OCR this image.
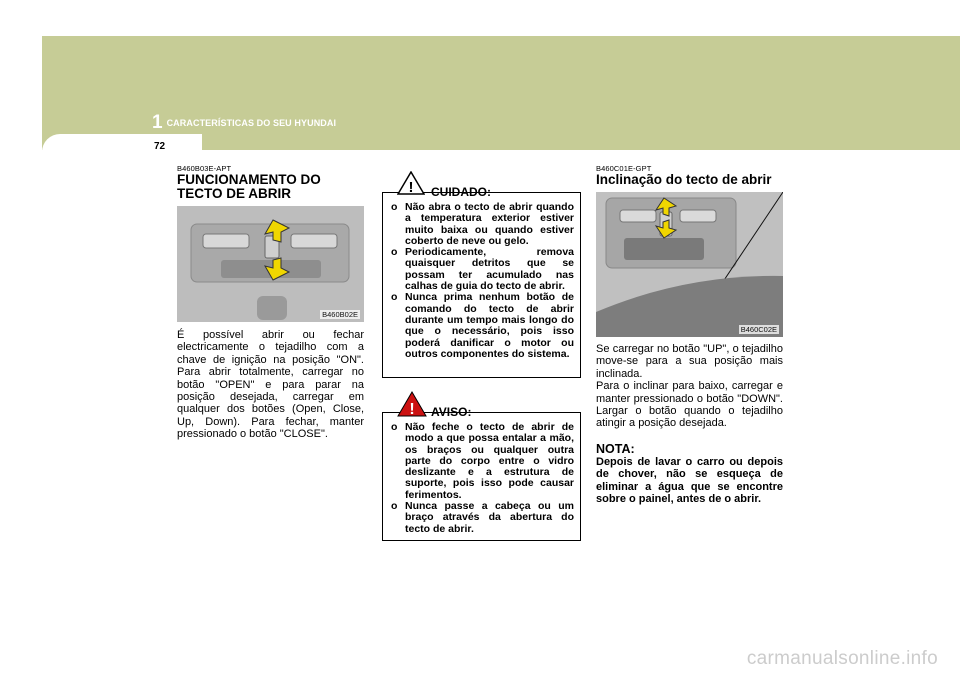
1 CARACTERÍSTICAS DO SEU HYUNDAI
72
B460B03E-APT
FUNCIONAMENTO DO TECTO DE ABRIR
B460B02E
É possível abrir ou fechar electricamente o tejadilho com a chave de ignição na posição "ON". Para abrir totalmente, carregar no botão "OPEN" e para parar na posição desejada, carregar em qualquer dos botões (Open, Close, Up, Down). Para fechar, manter pressionado o botão "CLOSE".
!	CUIDADO:
o Não abra o tecto de abrir quando a temperatura exterior estiver muito baixa ou quando estiver coberto de neve ou gelo.
o Periodicamente, remova quaisquer detritos que se possam ter acumulado nas calhas de guia do tecto de abrir.
o Nunca prima nenhum botão de comando do tecto de abrir durante um tempo mais longo do que o necessário, pois isso poderá danificar o motor ou outros componentes do sistema.
!	AVISO:
o Não feche o tecto de abrir de modo a que possa entalar a mão, os braços ou qualquer outra parte do corpo entre o vidro deslizante e a estrutura de suporte, pois isso pode causar ferimentos.
o Nunca passe a cabeça ou um braço através da abertura do tecto de abrir.
B460C01E-GPT
Inclinação do tecto de abrir
B460C02E
Se carregar no botão "UP", o tejadilho move-se para a sua posição mais inclinada.
Para o inclinar para baixo, carregar e manter pressionado o botão "DOWN". Largar o botão quando o tejadilho atingir a posição desejada.
NOTA:
Depois de lavar o carro ou depois de chover, não se esqueça de eliminar a água que se encontre sobre o painel, antes de o abrir.
carmanualsonline.info
